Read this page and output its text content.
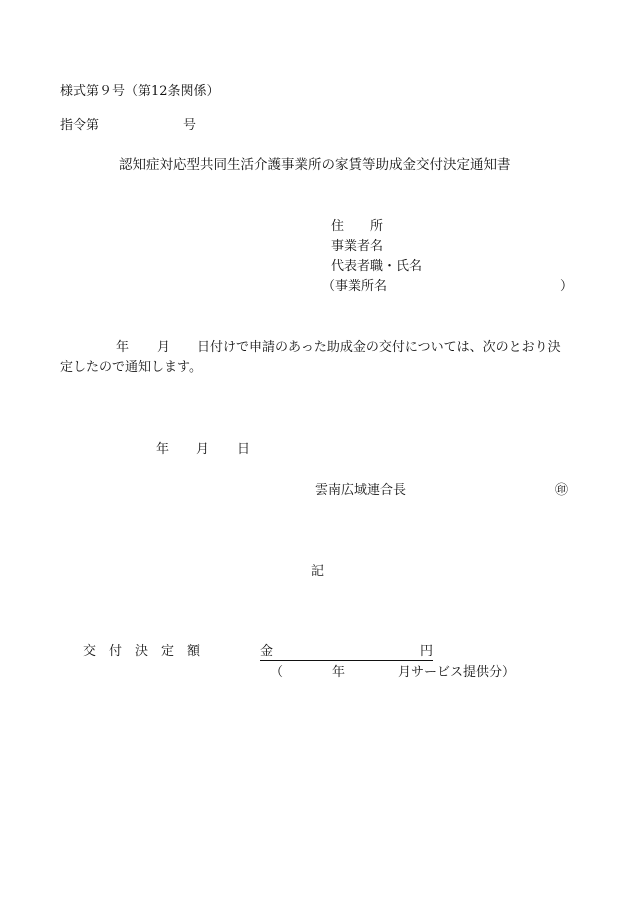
様式第９号（第12条関係）
指令第	号
認知症対応型共同生活介護事業所の家賃等助成金交付決定通知書
住　　所
事業者名
代表者職・氏名
（事業所名	）
年 月 日付けで申請のあった助成金の交付については、次のとおり決
定したので通知します。
年 月 日
雲南広域連合長	㊞
記
交　付　決　定　額	金	円
（	年	月サービス提供分）
